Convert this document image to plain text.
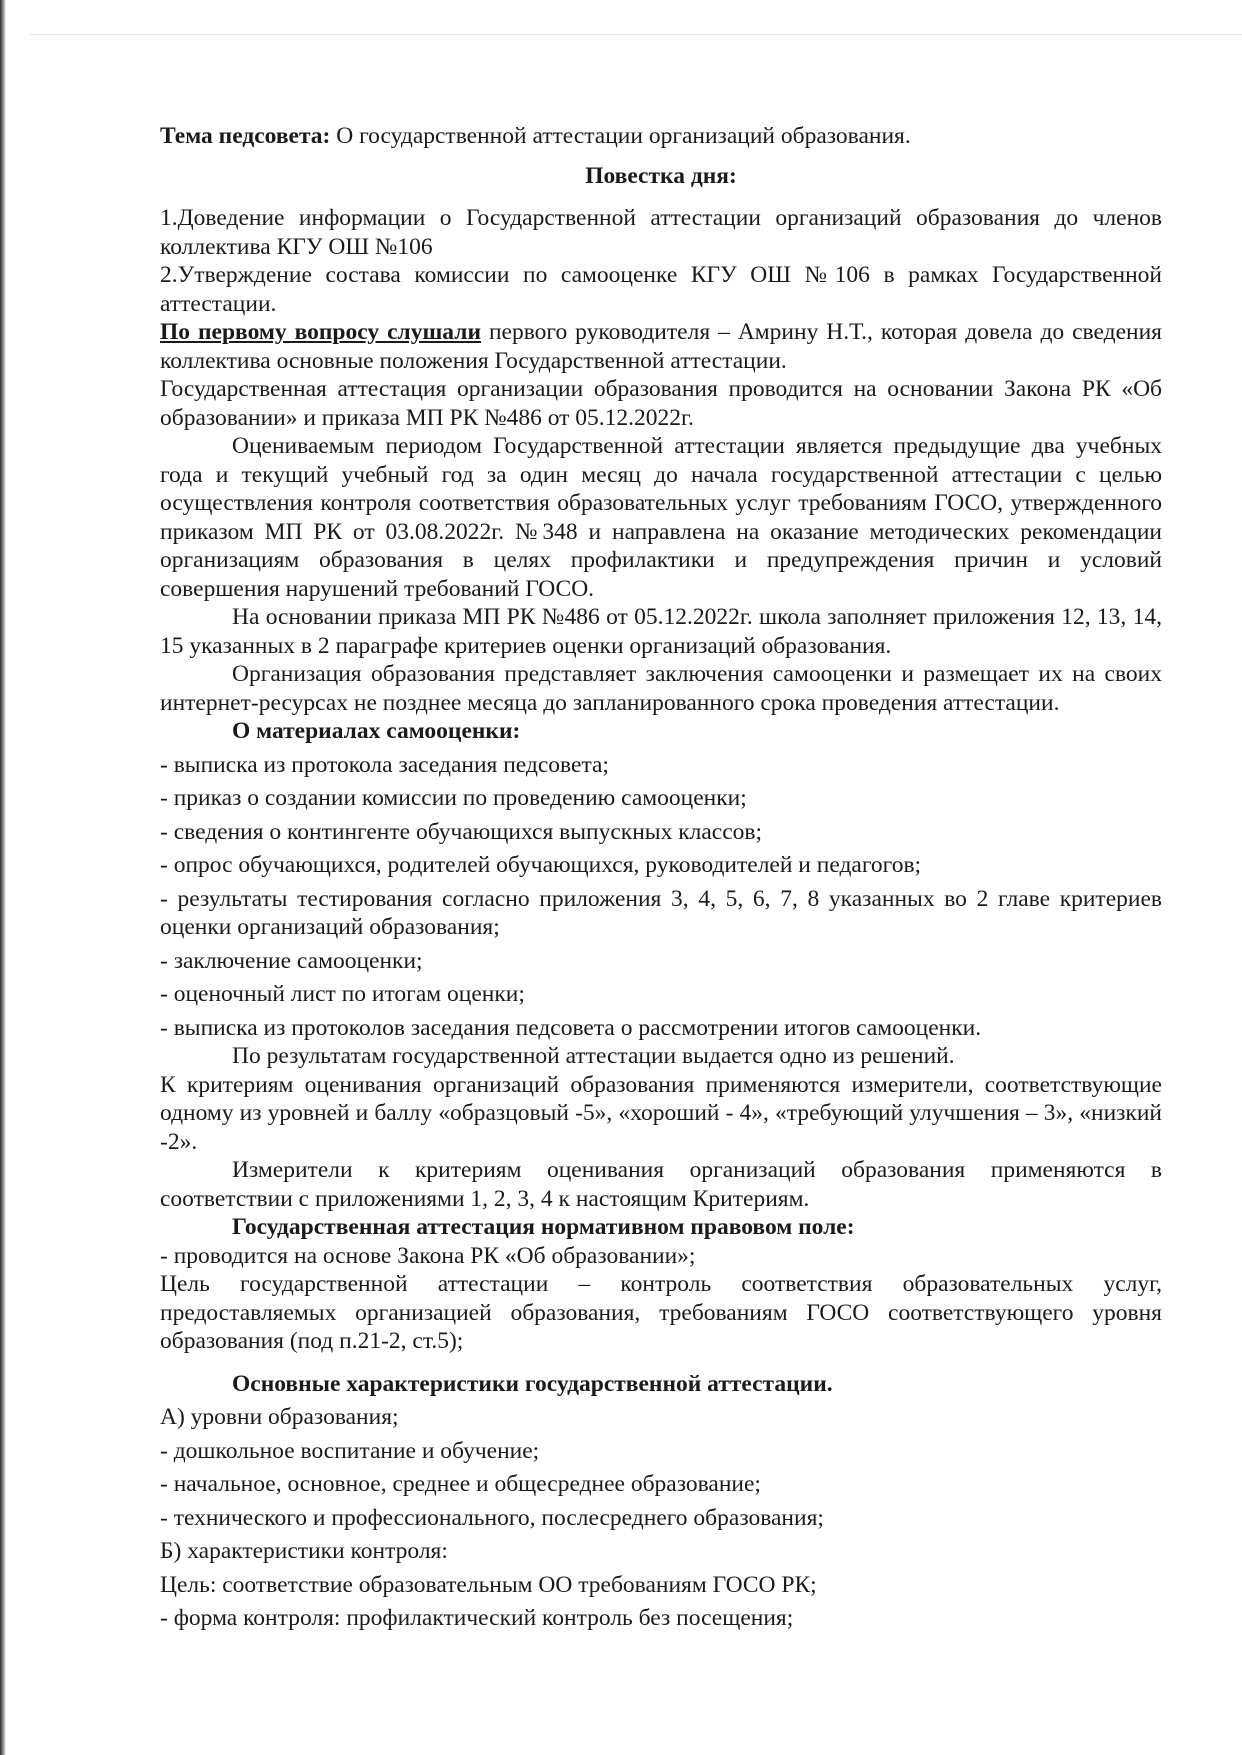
Тема педсовета: О государственной аттестации организаций образования.

Повестка дня:

1.Доведение информации о Государственной аттестации организаций образования до членов коллектива КГУ ОШ №106

2.Утверждение состава комиссии по самооценке КГУ ОШ №106 в рамках Государственной аттестации.

По первому вопросу слушали первого руководителя – Амрину Н.Т., которая довела до сведения коллектива основные положения Государственной аттестации.

Государственная аттестация организации образования проводится на основании Закона РК «Об образовании» и приказа МП РК №486 от 05.12.2022г.

Оцениваемым периодом Государственной аттестации является предыдущие два учебных года и текущий учебный год за один месяц до начала государственной аттестации с целью осуществления контроля соответствия образовательных услуг требованиям ГОСО, утвержденного приказом МП РК от 03.08.2022г. №348 и направлена на оказание методических рекомендации организациям образования в целях профилактики и предупреждения причин и условий совершения нарушений требований ГОСО.

На основании приказа МП РК №486 от 05.12.2022г. школа заполняет приложения 12, 13, 14, 15 указанных в 2 параграфе критериев оценки организаций образования.

Организация образования представляет заключения самооценки и размещает их на своих интернет-ресурсах не позднее месяца до запланированного срока проведения аттестации.

О материалах самооценки:

- выписка из протокола заседания педсовета;

- приказ о создании комиссии по проведению самооценки;

- сведения о контингенте обучающихся выпускных классов;

- опрос обучающихся, родителей обучающихся, руководителей и педагогов;

- результаты тестирования согласно приложения 3, 4, 5, 6, 7, 8 указанных во 2 главе критериев оценки организаций образования;

- заключение самооценки;

- оценочный лист по итогам оценки;

- выписка из протоколов заседания педсовета о рассмотрении итогов самооценки.

По результатам государственной аттестации выдается одно из решений.

К критериям оценивания организаций образования применяются измерители, соответствующие одному из уровней и баллу «образцовый -5», «хороший - 4», «требующий улучшения – 3», «низкий -2».

Измерители к критериям оценивания организаций образования применяются в соответствии с приложениями 1, 2, 3, 4 к настоящим Критериям.

Государственная аттестация нормативном правовом поле:

- проводится на основе Закона РК «Об образовании»;

Цель государственной аттестации – контроль соответствия образовательных услуг, предоставляемых организацией образования, требованиям ГОСО соответствующего уровня образования (под п.21-2, ст.5);

Основные характеристики государственной аттестации.

А) уровни образования;

- дошкольное воспитание и обучение;

- начальное, основное, среднее и общесреднее образование;

- технического и профессионального, послесреднего образования;

Б) характеристики контроля:

Цель: соответствие образовательным ОО требованиям ГОСО РК;

- форма контроля: профилактический контроль без посещения;
